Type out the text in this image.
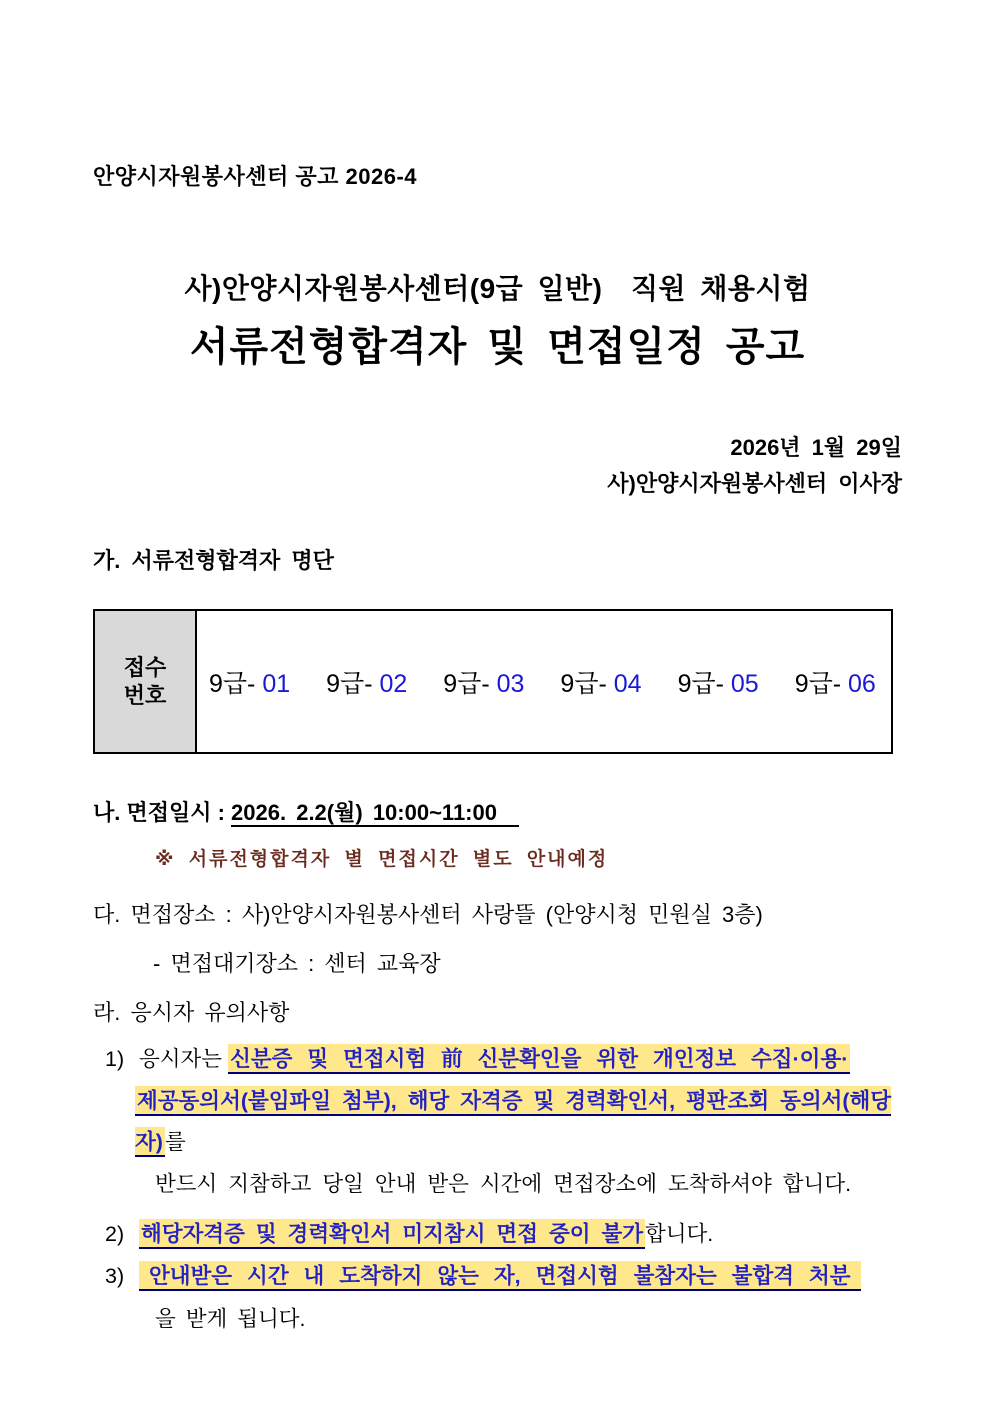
안양시자원봉사센터 공고 2026-4
사)안양시자원봉사센터(9급 일반)  직원 채용시험
서류전형합격자 및 면접일정 공고
2026년 1월 29일
사)안양시자원봉사센터 이사장
가. 서류전형합격자 명단
접수
번호	9급- 01 9급- 02 9급- 03 9급- 04 9급- 05 9급- 06
나. 면접일시 : 2026. 2.2(월) 10:00~11:00
※ 서류전형합격자 별 면접시간 별도 안내예정
다. 면접장소 : 사)안양시자원봉사센터 사랑뜰 (안양시청 민원실 3층)
- 면접대기장소 : 센터 교육장
라. 응시자 유의사항
1) 응시자는 신분증 및 면접시험 前 신분확인을 위한 개인정보 수집·이용·
제공동의서(붙임파일 첨부), 해당 자격증 및 경력확인서, 평판조회 동의서(해당자)를
반드시 지참하고 당일 안내 받은 시간에 면접장소에 도착하셔야 합니다.
2) 해당자격증 및 경력확인서 미지참시 면접 중이 불가합니다.
3) 안내받은 시간 내 도착하지 않는 자, 면접시험 불참자는 불합격 처분
을 받게 됩니다.
